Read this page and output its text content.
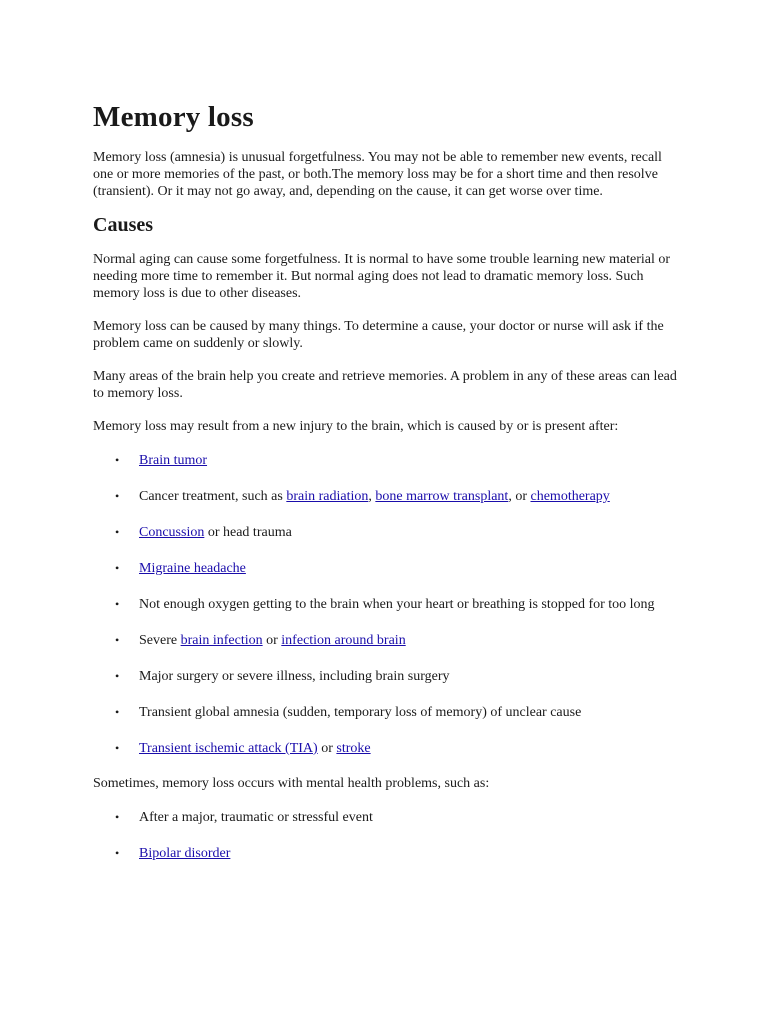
Memory loss

Memory loss (amnesia) is unusual forgetfulness. You may not be able to remember new events, recall one or more memories of the past, or both.The memory loss may be for a short time and then resolve (transient). Or it may not go away, and, depending on the cause, it can get worse over time.

Causes

Normal aging can cause some forgetfulness. It is normal to have some trouble learning new material or needing more time to remember it. But normal aging does not lead to dramatic memory loss. Such memory loss is due to other diseases.

Memory loss can be caused by many things. To determine a cause, your doctor or nurse will ask if the problem came on suddenly or slowly.

Many areas of the brain help you create and retrieve memories. A problem in any of these areas can lead to memory loss.

Memory loss may result from a new injury to the brain, which is caused by or is present after:

• Brain tumor
• Cancer treatment, such as brain radiation, bone marrow transplant, or chemotherapy
• Concussion or head trauma
• Migraine headache
• Not enough oxygen getting to the brain when your heart or breathing is stopped for too long
• Severe brain infection or infection around brain
• Major surgery or severe illness, including brain surgery
• Transient global amnesia (sudden, temporary loss of memory) of unclear cause
• Transient ischemic attack (TIA) or stroke

Sometimes, memory loss occurs with mental health problems, such as:

• After a major, traumatic or stressful event
• Bipolar disorder
